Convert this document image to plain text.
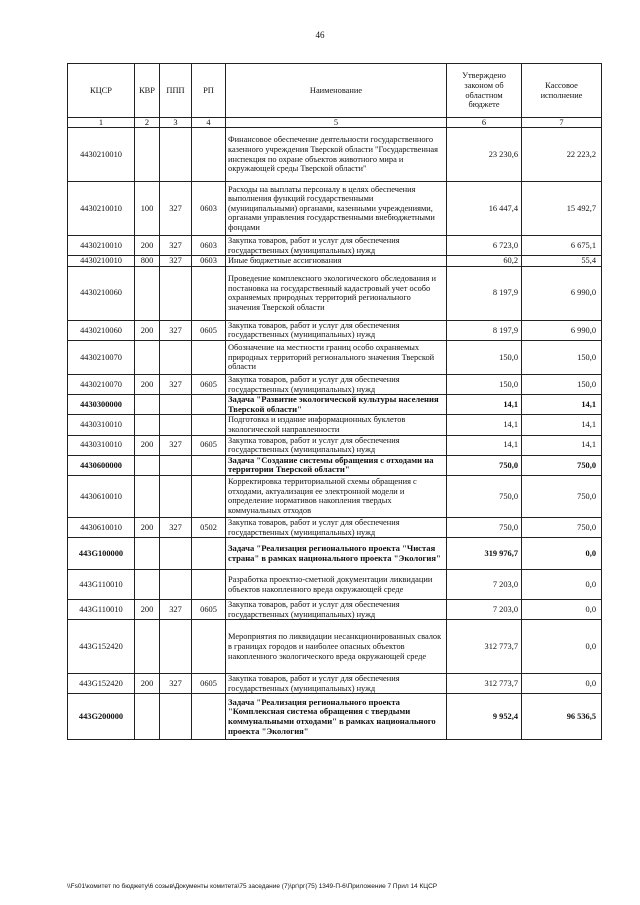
46
КЦСР	КВР	ППП	РП	Наименование	Утверждено законом об областном бюджете	Кассовое исполнение
1	2	3	4	5	6	7
4430210010				Финансовое обеспечение деятельности государственного казенного учреждения Тверской области "Государственная инспекция по охране объектов животного мира и окружающей среды Тверской области"	23 230,6	22 223,2
4430210010	100	327	0603	Расходы на выплаты персоналу в целях обеспечения выполнения функций государственными (муниципальными) органами, казенными учреждениями, органами управления государственными внебюджетными фондами	16 447,4	15 492,7
4430210010	200	327	0603	Закупка товаров, работ и услуг для обеспечения государственных (муниципальных) нужд	6 723,0	6 675,1
4430210010	800	327	0603	Иные бюджетные ассигнования	60,2	55,4
4430210060				Проведение комплексного экологического обследования и постановка на государственный кадастровый учет особо охраняемых природных территорий регионального значения Тверской области	8 197,9	6 990,0
4430210060	200	327	0605	Закупка товаров, работ и услуг для обеспечения государственных (муниципальных) нужд	8 197,9	6 990,0
4430210070				Обозначение на местности границ особо охраняемых природных территорий регионального значения Тверской области	150,0	150,0
4430210070	200	327	0605	Закупка товаров, работ и услуг для обеспечения государственных (муниципальных) нужд	150,0	150,0
4430300000				Задача "Развитие экологической культуры населения Тверской области"	14,1	14,1
4430310010				Подготовка и издание информационных буклетов экологической направленности	14,1	14,1
4430310010	200	327	0605	Закупка товаров, работ и услуг для обеспечения государственных (муниципальных) нужд	14,1	14,1
4430600000				Задача "Создание системы обращения с отходами на территории Тверской области"	750,0	750,0
4430610010				Корректировка территориальной схемы обращения с отходами, актуализация ее электронной модели и определение нормативов накопления твердых коммунальных отходов	750,0	750,0
4430610010	200	327	0502	Закупка товаров, работ и услуг для обеспечения государственных (муниципальных) нужд	750,0	750,0
443G100000				Задача "Реализация регионального проекта "Чистая страна" в рамках национального проекта "Экология"	319 976,7	0,0
443G110010				Разработка проектно-сметной документации ликвидации объектов накопленного вреда окружающей среде	7 203,0	0,0
443G110010	200	327	0605	Закупка товаров, работ и услуг для обеспечения государственных (муниципальных) нужд	7 203,0	0,0
443G152420				Мероприятия по ликвидации несанкционированных свалок в границах городов и наиболее опасных объектов накопленного экологического вреда окружающей среде	312 773,7	0,0
443G152420	200	327	0605	Закупка товаров, работ и услуг для обеспечения государственных (муниципальных) нужд	312 773,7	0,0
443G200000				Задача "Реализация регионального проекта "Комплексная система обращения с твердыми коммунальными отходами" в рамках национального проекта "Экология"	9 952,4	96 536,5
\\Fs01\комитет по бюджету\6 созыв\Документы комитета\75 заседание (7)\рг\рг(75) 1349-П-6\Приложение 7 Прил 14 КЦСР
